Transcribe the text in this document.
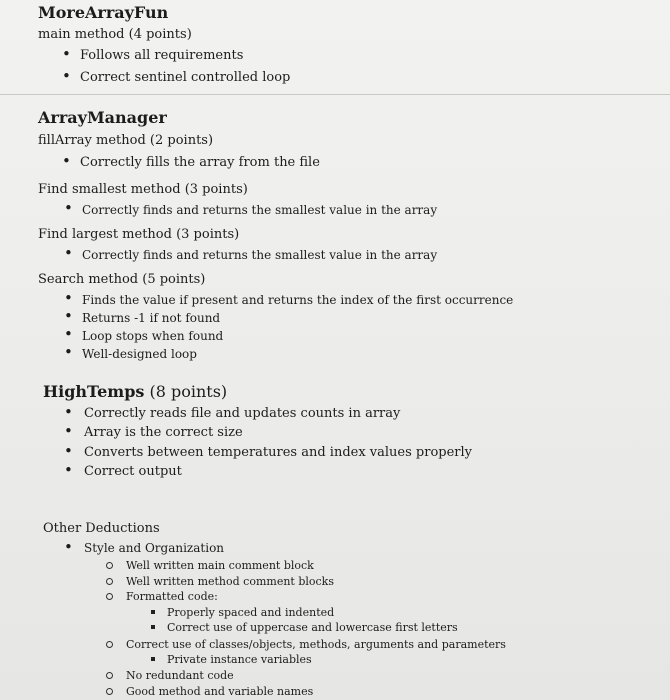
MoreArrayFun
main method (4 points)
• Follows all requirements
• Correct sentinel controlled loop
ArrayManager
fillArray method (2 points)
• Correctly fills the array from the file
Find smallest method (3 points)
• Correctly finds and returns the smallest value in the array
Find largest method (3 points)
• Correctly finds and returns the smallest value in the array
Search method (5 points)
• Finds the value if present and returns the index of the first occurrence
• Returns -1 if not found
• Loop stops when found
• Well-designed loop
HighTemps (8 points)
• Correctly reads file and updates counts in array
• Array is the correct size
• Converts between temperatures and index values properly
• Correct output
Other Deductions
• Style and Organization
Well written main comment block
Well written method comment blocks
Formatted code:
Properly spaced and indented
Correct use of uppercase and lowercase first letters
Correct use of classes/objects, methods, arguments and parameters
Private instance variables
No redundant code
Good method and variable names
